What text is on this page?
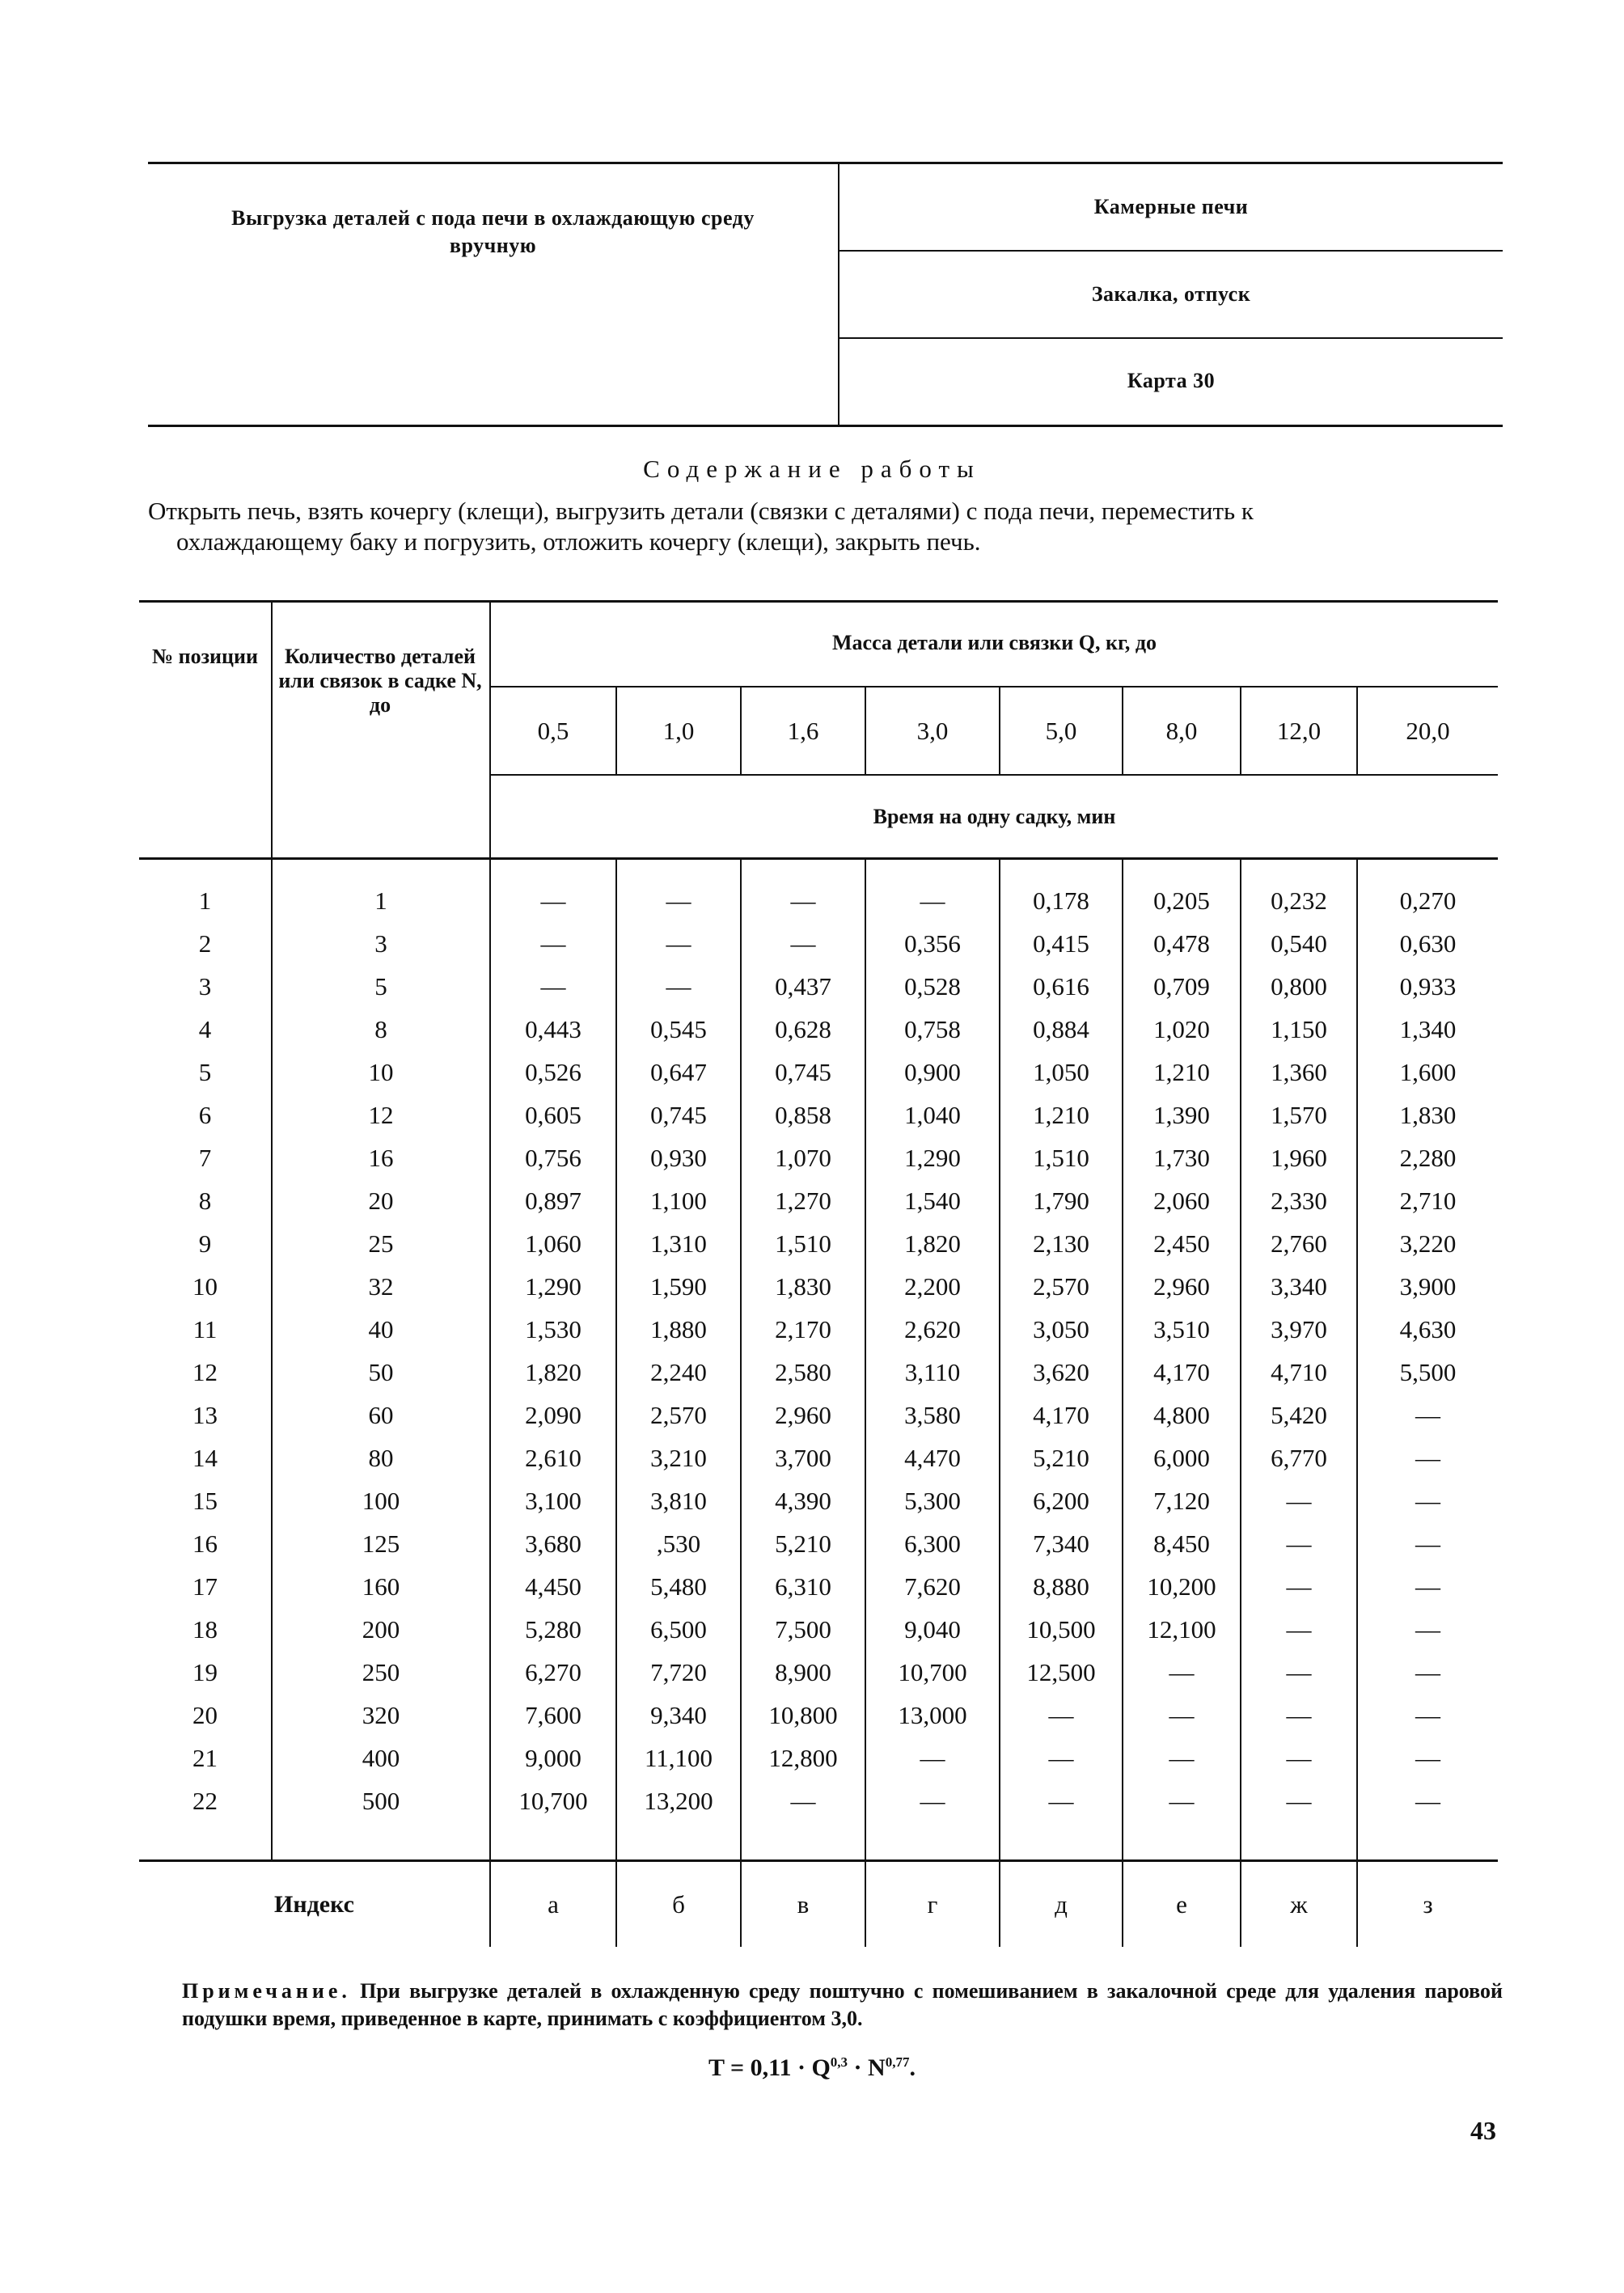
Выгрузка деталей с пода печи в охлаждающую среду
вручную
Камерные печи
Закалка, отпуск
Карта 30
Содержание работы
Открыть печь, взять кочергу (клещи), выгрузить детали (связки с деталями) с пода печи, переместить к
охлаждающему баку и погрузить, отложить кочергу (клещи), закрыть печь.
№ позиции	Количество деталей или связок в садке N, до
Масса детали или связки Q, кг, до
Время на одну садку, мин
Индекс
0,5	1,0	1,6	3,0	5,0	8,0	12,0	20,0
1	1	—	—	—	—	0,178	0,205	0,232	0,270
2	3	—	—	—	0,356	0,415	0,478	0,540	0,630
3	5	—	—	0,437	0,528	0,616	0,709	0,800	0,933
4	8	0,443	0,545	0,628	0,758	0,884	1,020	1,150	1,340
5	10	0,526	0,647	0,745	0,900	1,050	1,210	1,360	1,600
6	12	0,605	0,745	0,858	1,040	1,210	1,390	1,570	1,830
7	16	0,756	0,930	1,070	1,290	1,510	1,730	1,960	2,280
8	20	0,897	1,100	1,270	1,540	1,790	2,060	2,330	2,710
9	25	1,060	1,310	1,510	1,820	2,130	2,450	2,760	3,220
10	32	1,290	1,590	1,830	2,200	2,570	2,960	3,340	3,900
11	40	1,530	1,880	2,170	2,620	3,050	3,510	3,970	4,630
12	50	1,820	2,240	2,580	3,110	3,620	4,170	4,710	5,500
13	60	2,090	2,570	2,960	3,580	4,170	4,800	5,420	—
14	80	2,610	3,210	3,700	4,470	5,210	6,000	6,770	—
15	100	3,100	3,810	4,390	5,300	6,200	7,120	—	—
16	125	3,680	,530	5,210	6,300	7,340	8,450	—	—
17	160	4,450	5,480	6,310	7,620	8,880	10,200	—	—
18	200	5,280	6,500	7,500	9,040	10,500	12,100	—	—
19	250	6,270	7,720	8,900	10,700	12,500	—	—	—
20	320	7,600	9,340	10,800	13,000	—	—	—	—
21	400	9,000	11,100	12,800	—	—	—	—	—
22	500	10,700	13,200	—	—	—	—	—	—
а	б	в	г	д	е	ж	з
Примечание. При выгрузке деталей в охлажденную среду поштучно с помешиванием в закалочной среде для удаления паровой подушки время, приведенное в карте, принимать с коэффициентом 3,0.
T = 0,11 · Q$^{0,3}$ · N$^{0,77}$.
43
